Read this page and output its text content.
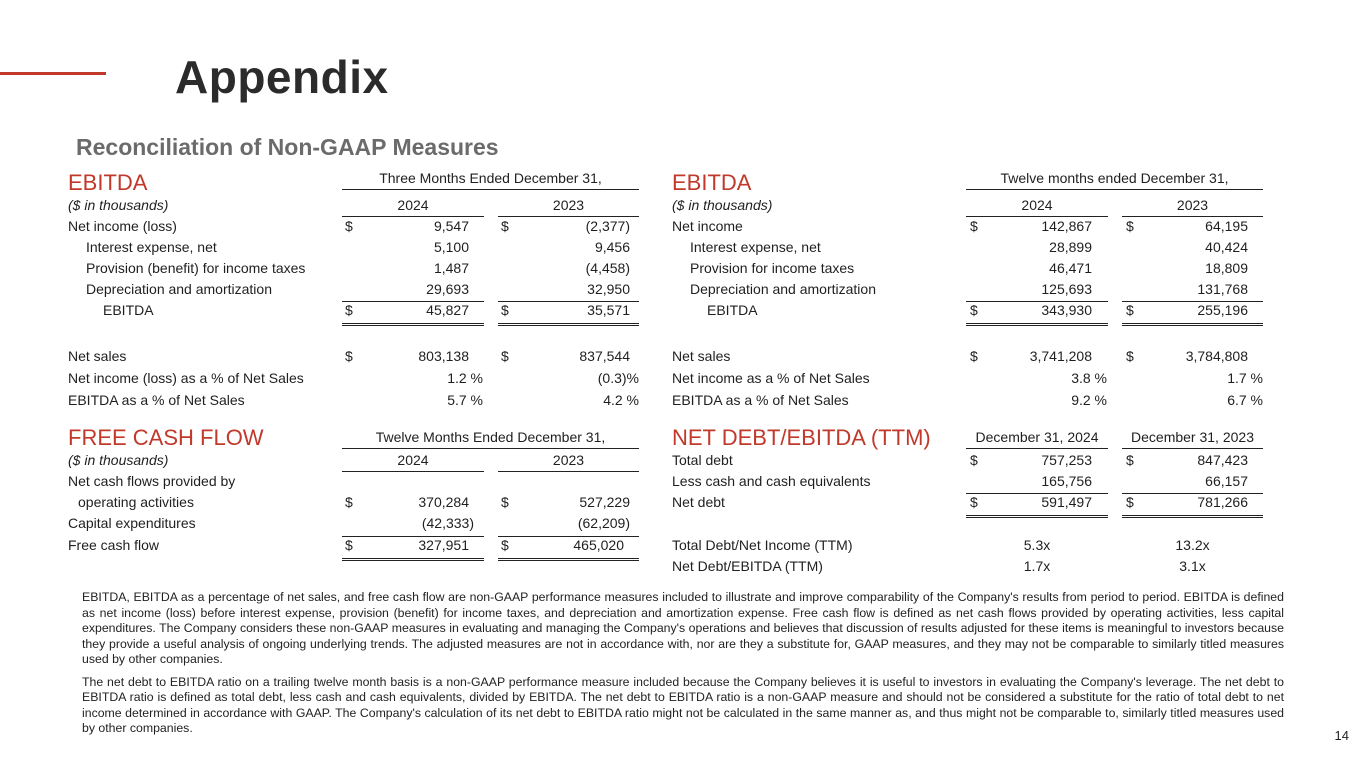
Appendix
Reconciliation of Non-GAAP Measures
EBITDA	Three Months Ended December 31,
($ in thousands)	2024	2023
Net income (loss)	$	9,547 $	(2,377)
Interest expense, net	5,100	9,456
Provision (benefit) for income taxes	1,487	(4,458)
Depreciation and amortization	29,693	32,950
EBITDA	$	45,827 $	35,571
Net sales	$	803,138 $	837,544
Net income (loss) as a % of Net Sales	1.2 %	(0.3)%
EBITDA as a % of Net Sales	5.7 %	4.2 %
EBITDA	Twelve months ended December 31,
($ in thousands)	2024	2023
Net income	$	142,867 $	64,195
Interest expense, net	28,899	40,424
Provision for income taxes	46,471	18,809
Depreciation and amortization	125,693	131,768
EBITDA	$	343,930 $	255,196
Net sales	$	3,741,208 $	3,784,808
Net income as a % of Net Sales	3.8 %	1.7 %
EBITDA as a % of Net Sales	9.2 %	6.7 %
FREE CASH FLOW	Twelve Months Ended December 31,
($ in thousands)	2024	2023
Net cash flows provided by
operating activities	$	370,284 $	527,229
Capital expenditures	(42,333)	(62,209)
Free cash flow	$	327,951 $	465,020
NET DEBT/EBITDA (TTM)	December 31, 2024	December 31, 2023
Total debt	$	757,253 $	847,423
Less cash and cash equivalents	165,756	66,157
Net debt	$	591,497 $	781,266
Total Debt/Net Income (TTM)	5.3x	13.2x
Net Debt/EBITDA (TTM)	1.7x	3.1x

EBITDA, EBITDA as a percentage of net sales, and free cash flow are non-GAAP performance measures included to illustrate and improve comparability of the Company's results from period to period. EBITDA is defined as net income (loss) before interest expense, provision (benefit) for income taxes, and depreciation and amortization expense. Free cash flow is defined as net cash flows provided by operating activities, less capital expenditures. The Company considers these non-GAAP measures in evaluating and managing the Company's operations and believes that discussion of results adjusted for these items is meaningful to investors because they provide a useful analysis of ongoing underlying trends. The adjusted measures are not in accordance with, nor are they a substitute for, GAAP measures, and they may not be comparable to similarly titled measures used by other companies.

The net debt to EBITDA ratio on a trailing twelve month basis is a non-GAAP performance measure included because the Company believes it is useful to investors in evaluating the Company's leverage. The net debt to EBITDA ratio is defined as total debt, less cash and cash equivalents, divided by EBITDA. The net debt to EBITDA ratio is a non-GAAP measure and should not be considered a substitute for the ratio of total debt to net income determined in accordance with GAAP. The Company's calculation of its net debt to EBITDA ratio might not be calculated in the same manner as, and thus might not be comparable to, similarly titled measures used by other companies.	14
